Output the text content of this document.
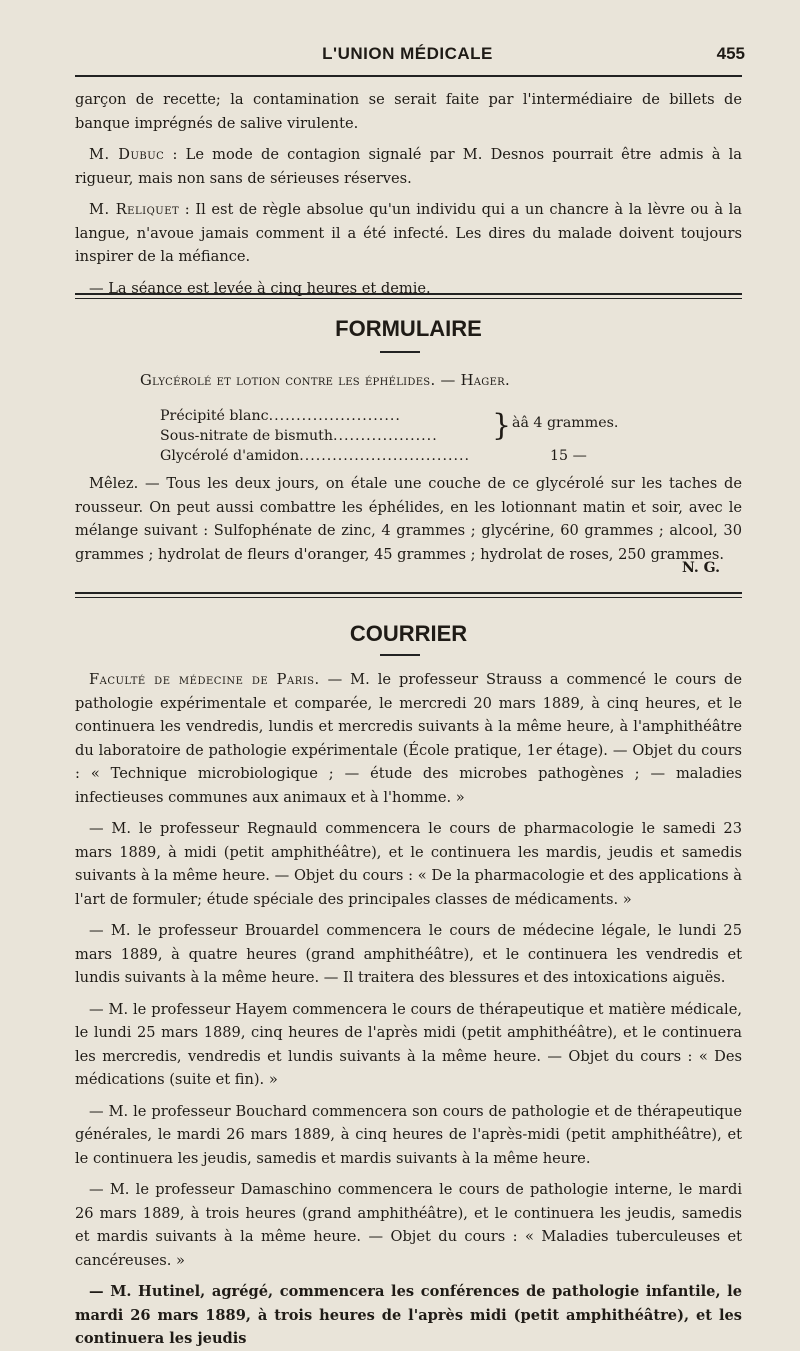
L'UNION MÉDICALE	455

garçon de recette; la contamination se serait faite par l'intermédiaire de billets de banque imprégnés de salive virulente.

M. Dubuc : Le mode de contagion signalé par M. Desnos pourrait être admis à la rigueur, mais non sans de sérieuses réserves.

M. Reliquet : Il est de règle absolue qu'un individu qui a un chancre à la lèvre ou à la langue, n'avoue jamais comment il a été infecté. Les dires du malade doivent toujours inspirer de la méfiance.

— La séance est levée à cinq heures et demie.

FORMULAIRE
Glycérolé et lotion contre les éphélides. — Hager.
Précipité blanc ........................
Sous-nitrate de bismuth ...................
Glycérolé d'amidon ...............................	15 —
} àâ 4 grammes.

Mêlez. — Tous les deux jours, on étale une couche de ce glycérolé sur les taches de rousseur. On peut aussi combattre les éphélides, en les lotionnant matin et soir, avec le mélange suivant : Sulfophénate de zinc, 4 grammes ; glycérine, 60 grammes ; alcool, 30 grammes ; hydrolat de fleurs d'oranger, 45 grammes ; hydrolat de roses, 250 grammes.

N. G.
COURRIER

Faculté de médecine de Paris. — M. le professeur Strauss a commencé le cours de pathologie expérimentale et comparée, le mercredi 20 mars 1889, à cinq heures, et le continuera les vendredis, lundis et mercredis suivants à la même heure, à l'amphithéâtre du laboratoire de pathologie expérimentale (École pratique, 1er étage). — Objet du cours : « Technique microbiologique ; — étude des microbes pathogènes ; — maladies infectieuses communes aux animaux et à l'homme. »

— M. le professeur Regnauld commencera le cours de pharmacologie le samedi 23 mars 1889, à midi (petit amphithéâtre), et le continuera les mardis, jeudis et samedis suivants à la même heure. — Objet du cours : « De la pharmacologie et des applications à l'art de formuler; étude spéciale des principales classes de médicaments. »

— M. le professeur Brouardel commencera le cours de médecine légale, le lundi 25 mars 1889, à quatre heures (grand amphithéâtre), et le continuera les vendredis et lundis suivants à la même heure. — Il traitera des blessures et des intoxications aiguës.

— M. le professeur Hayem commencera le cours de thérapeutique et matière médicale, le lundi 25 mars 1889, cinq heures de l'après midi (petit amphithéâtre), et le continuera les mercredis, vendredis et lundis suivants à la même heure. — Objet du cours : « Des médications (suite et fin). »

— M. le professeur Bouchard commencera son cours de pathologie et de thérapeutique générales, le mardi 26 mars 1889, à cinq heures de l'après-midi (petit amphithéâtre), et le continuera les jeudis, samedis et mardis suivants à la même heure.

— M. le professeur Damaschino commencera le cours de pathologie interne, le mardi 26 mars 1889, à trois heures (grand amphithéâtre), et le continuera les jeudis, samedis et mardis suivants à la même heure. — Objet du cours : « Maladies tuberculeuses et cancéreuses. »

— M. Hutinel, agrégé, commencera les conférences de pathologie infantile, le mardi 26 mars 1889, à trois heures de l'après midi (petit amphithéâtre), et les continuera les jeudis
